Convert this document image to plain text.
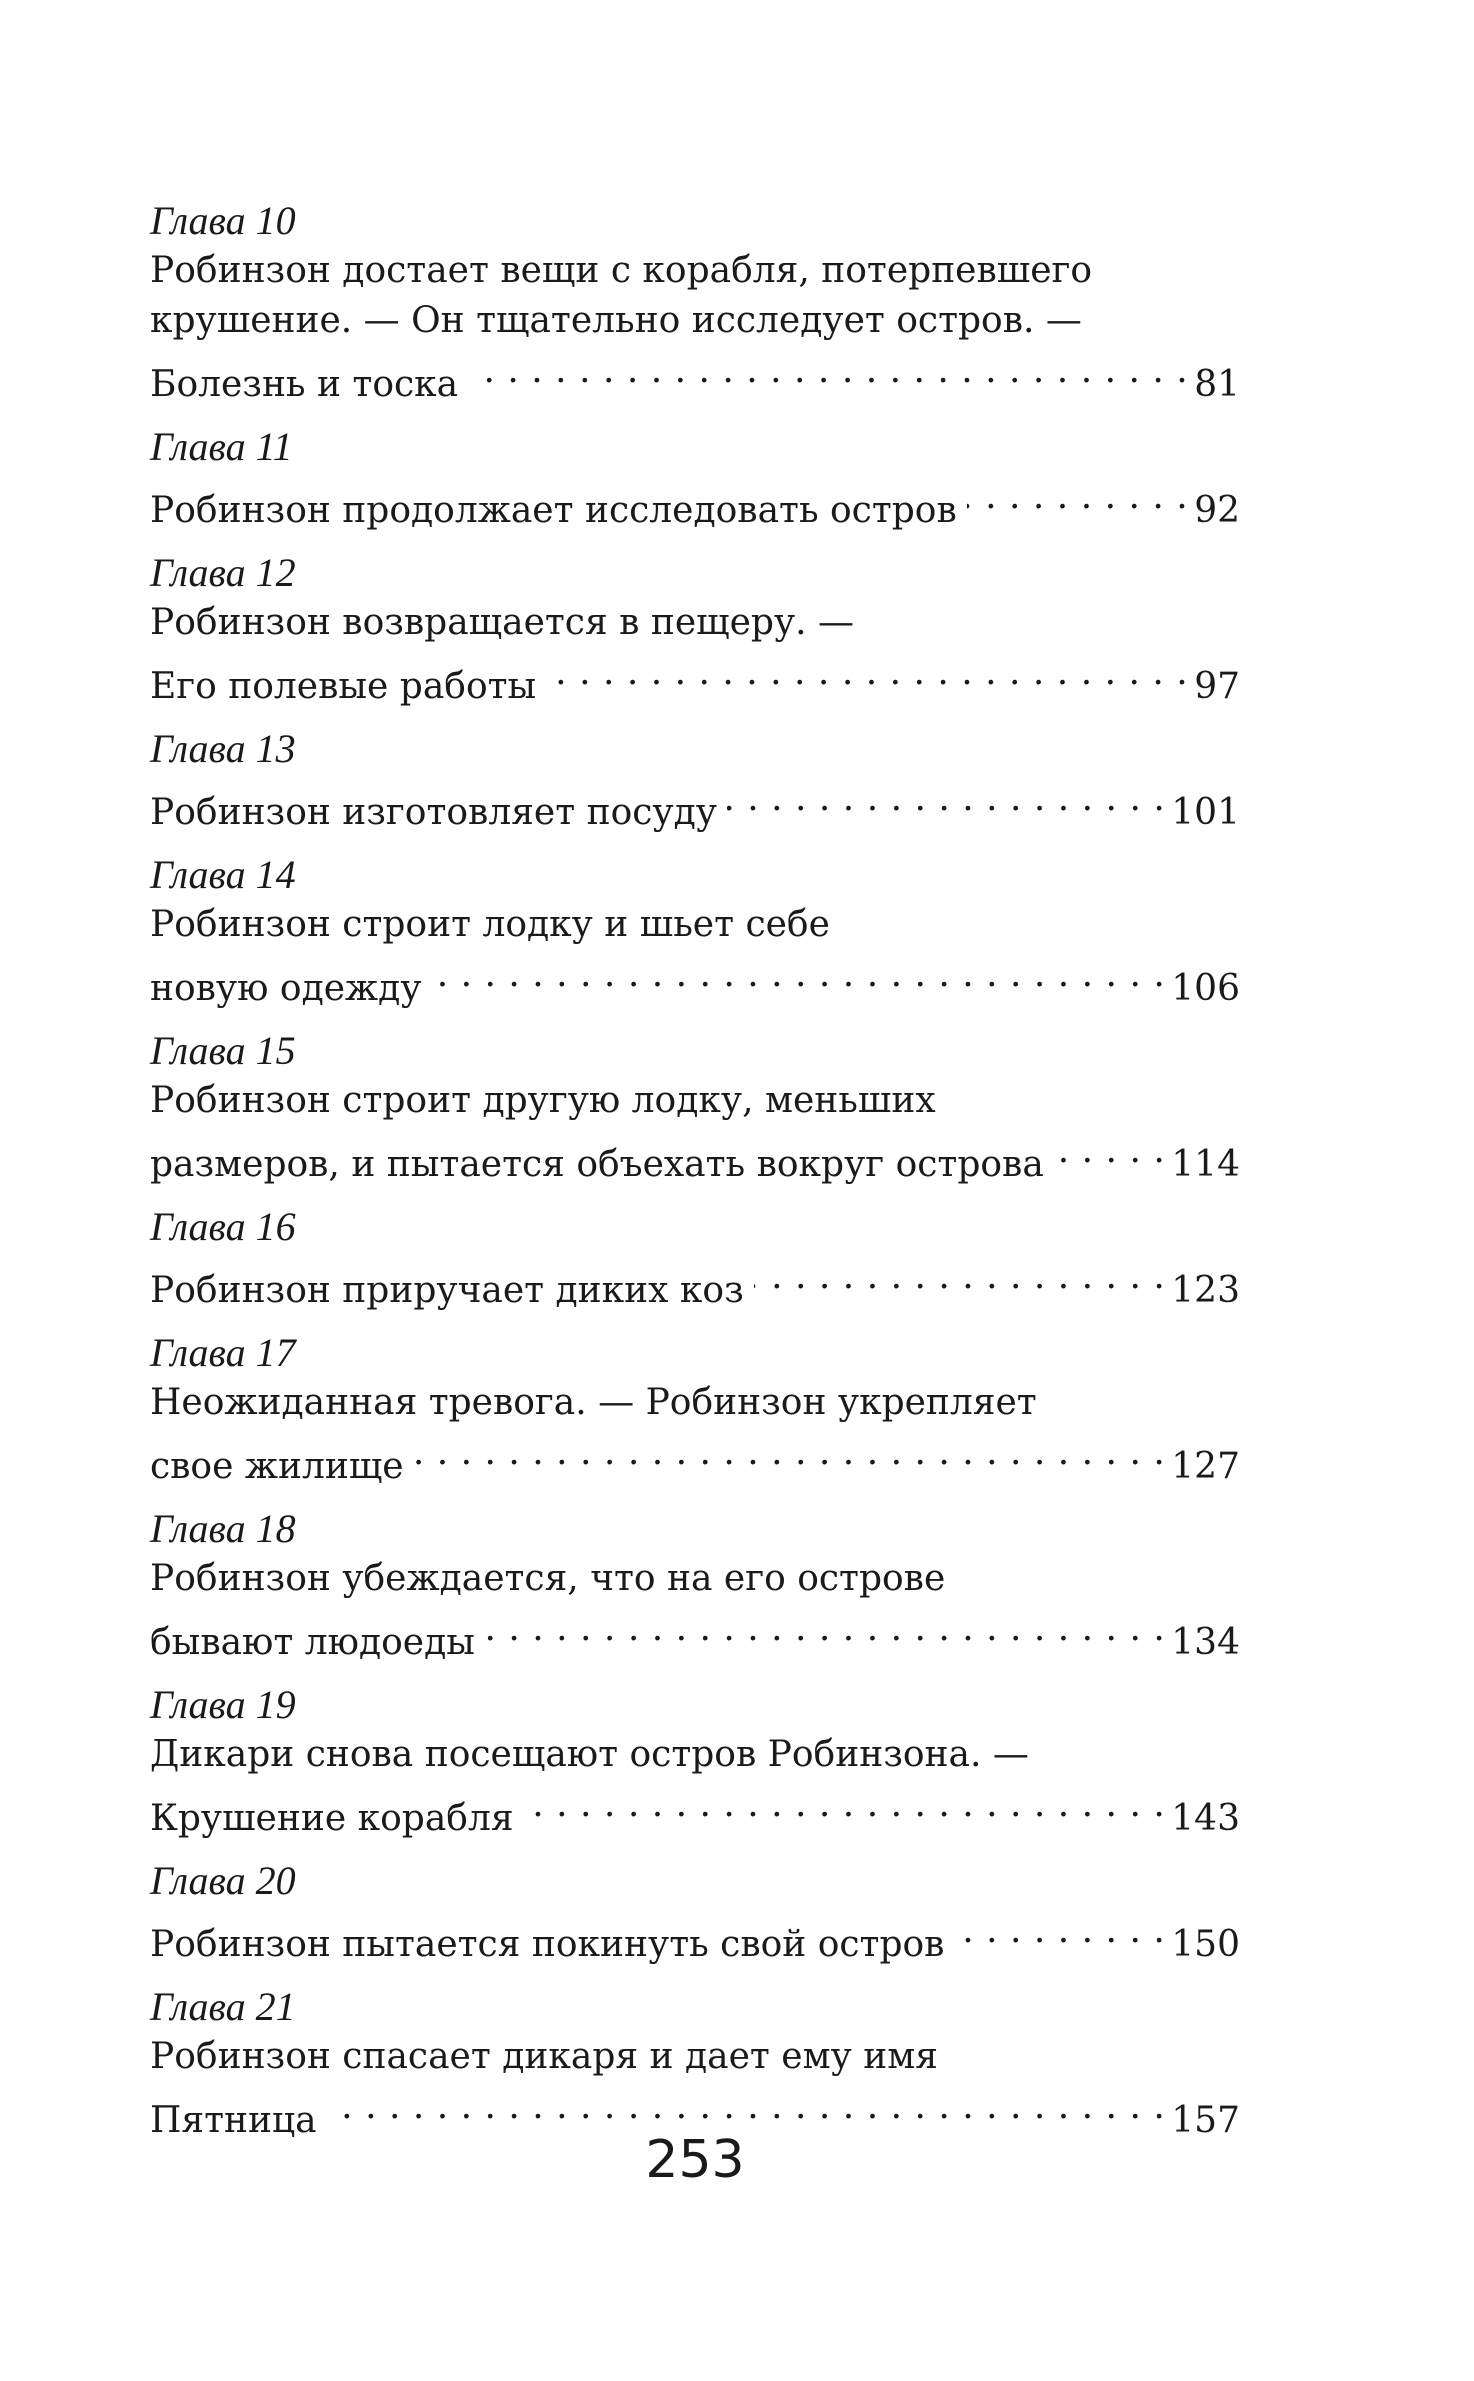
Глава 10
Робинзон достает вещи с корабля, потерпевшего
крушение. — Он тщательно исследует остров. —
Болезнь и тоска . . .	81
Глава 11
Робинзон продолжает исследовать остров . . .	92
Глава 12
Робинзон возвращается в пещеру. —
Его полевые работы . . .	97
Глава 13
Робинзон изготовляет посуду . . .	101
Глава 14
Робинзон строит лодку и шьет себе
новую одежду . . .	106
Глава 15
Робинзон строит другую лодку, меньших
размеров, и пытается объехать вокруг острова . . .	114
Глава 16
Робинзон приручает диких коз . . .	123
Глава 17
Неожиданная тревога. — Робинзон укрепляет
свое жилище . . .	127
Глава 18
Робинзон убеждается, что на его острове
бывают людоеды . . .	134
Глава 19
Дикари снова посещают остров Робинзона. —
Крушение корабля . . .	143
Глава 20
Робинзон пытается покинуть свой остров . . .	150
Глава 21
Робинзон спасает дикаря и дает ему имя
Пятница . . .	157
253
